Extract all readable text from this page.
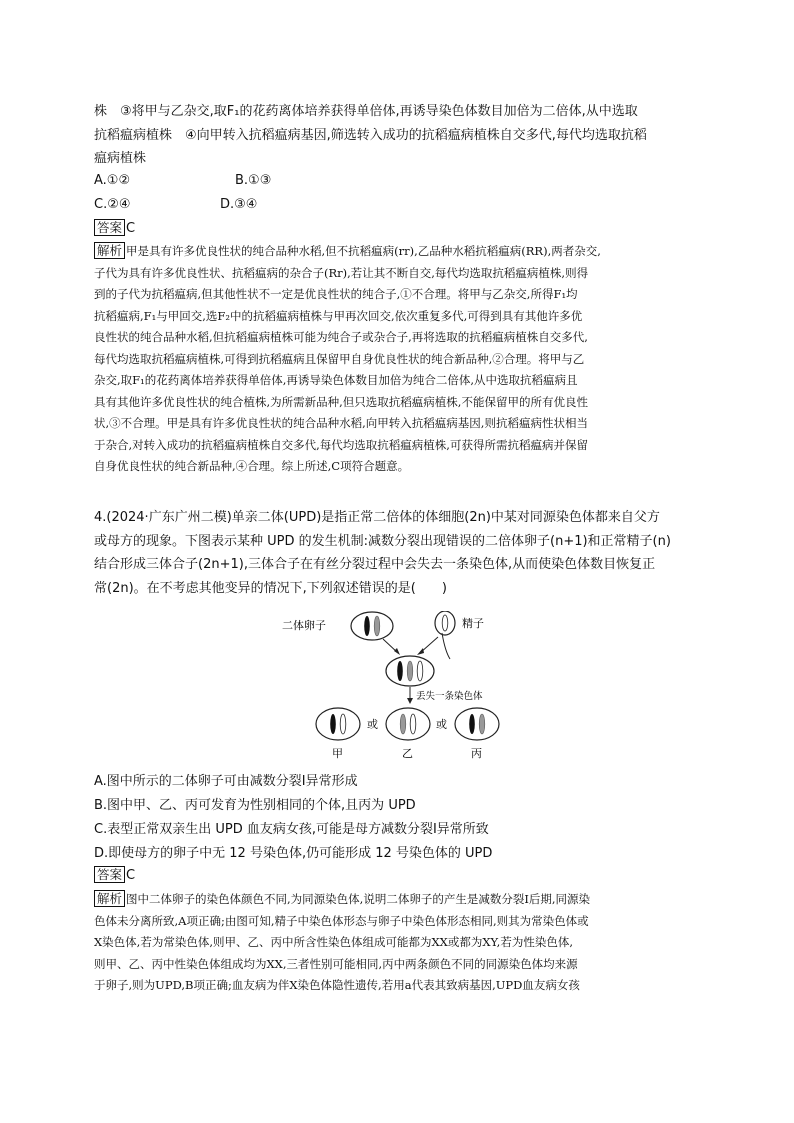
株　③将甲与乙杂交,取F₁的花药离体培养获得单倍体,再诱导染色体数目加倍为二倍体,从中选取
抗稻瘟病植株　④向甲转入抗稻瘟病基因,筛选转入成功的抗稻瘟病植株自交多代,每代均选取抗稻
瘟病植株
A.①②	B.①③
C.②④	D.③④
答案 C
解析 甲是具有许多优良性状的纯合品种水稻,但不抗稻瘟病(rr),乙品种水稻抗稻瘟病(RR),两者杂交,
子代为具有许多优良性状、抗稻瘟病的杂合子(Rr),若让其不断自交,每代均选取抗稻瘟病植株,则得
到的子代为抗稻瘟病,但其他性状不一定是优良性状的纯合子,①不合理。将甲与乙杂交,所得F₁均
抗稻瘟病,F₁与甲回交,选F₂中的抗稻瘟病植株与甲再次回交,依次重复多代,可得到具有其他许多优
良性状的纯合品种水稻,但抗稻瘟病植株可能为纯合子或杂合子,再将选取的抗稻瘟病植株自交多代,
每代均选取抗稻瘟病植株,可得到抗稻瘟病且保留甲自身优良性状的纯合新品种,②合理。将甲与乙
杂交,取F₁的花药离体培养获得单倍体,再诱导染色体数目加倍为纯合二倍体,从中选取抗稻瘟病且
具有其他许多优良性状的纯合植株,为所需新品种,但只选取抗稻瘟病植株,不能保留甲的所有优良性
状,③不合理。甲是具有许多优良性状的纯合品种水稻,向甲转入抗稻瘟病基因,则抗稻瘟病性状相当
于杂合,对转入成功的抗稻瘟病植株自交多代,每代均选取抗稻瘟病植株,可获得所需抗稻瘟病并保留
自身优良性状的纯合新品种,④合理。综上所述,C项符合题意。
4.(2024·广东广州二模)单亲二体(UPD)是指正常二倍体的体细胞(2n)中某对同源染色体都来自父方
或母方的现象。下图表示某种 UPD 的发生机制:减数分裂出现错误的二倍体卵子(n+1)和正常精子(n)
结合形成三体合子(2n+1),三体合子在有丝分裂过程中会失去一条染色体,从而使染色体数目恢复正
常(2n)。在不考虑其他变异的情况下,下列叙述错误的是(　　)
二体卵子	精子
丢失一条染色体
或	或
甲	乙	丙
A.图中所示的二体卵子可由减数分裂Ⅰ异常形成
B.图中甲、乙、丙可发育为性别相同的个体,且丙为 UPD
C.表型正常双亲生出 UPD 血友病女孩,可能是母方减数分裂Ⅰ异常所致
D.即使母方的卵子中无 12 号染色体,仍可能形成 12 号染色体的 UPD
答案 C
解析 图中二体卵子的染色体颜色不同,为同源染色体,说明二体卵子的产生是减数分裂Ⅰ后期,同源染
色体未分离所致,A项正确;由图可知,精子中染色体形态与卵子中染色体形态相同,则其为常染色体或
X染色体,若为常染色体,则甲、乙、丙中所含性染色体组成可能都为XX或都为XY,若为性染色体,
则甲、乙、丙中性染色体组成均为XX,三者性别可能相同,丙中两条颜色不同的同源染色体均来源
于卵子,则为UPD,B项正确;血友病为伴X染色体隐性遗传,若用a代表其致病基因,UPD血友病女孩
